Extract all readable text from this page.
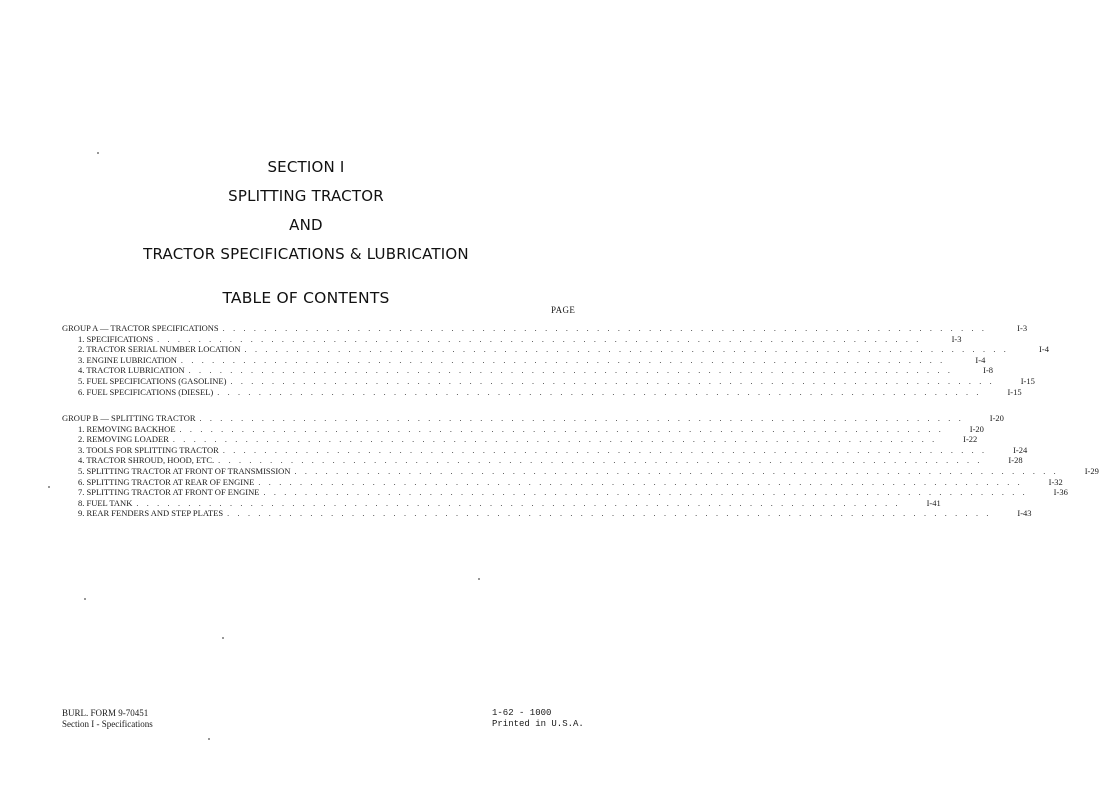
SECTION I
SPLITTING TRACTOR
AND
TRACTOR SPECIFICATIONS & LUBRICATION
TABLE OF CONTENTS
PAGE
GROUP A — TRACTOR SPECIFICATIONS . . . . . . . . . . . . . . . . . . . . . . . . . . . . . . . . . . . . . . . . . . . . . . . . . . . . . . . . . . . . . . . . . . . . . . . . . .	I-3
1. SPECIFICATIONS . . . . . . . . . . . . . . . . . . . . . . . . . . . . . . . . . . . . . . . . . . . . . . . . . . . . . . . . . . . . . . . . . . . . . . . . . .	I-3
2. TRACTOR SERIAL NUMBER LOCATION . . . . . . . . . . . . . . . . . . . . . . . . . . . . . . . . . . . . . . . . . . . . . . . . . . . . . . . . . . . . . . . . . . . . . . . . . .	I-4
3. ENGINE LUBRICATION . . . . . . . . . . . . . . . . . . . . . . . . . . . . . . . . . . . . . . . . . . . . . . . . . . . . . . . . . . . . . . . . . . . . . . . . . .	I-4
4. TRACTOR LUBRICATION . . . . . . . . . . . . . . . . . . . . . . . . . . . . . . . . . . . . . . . . . . . . . . . . . . . . . . . . . . . . . . . . . . . . . . . . . .	I-8
5. FUEL SPECIFICATIONS (GASOLINE) . . . . . . . . . . . . . . . . . . . . . . . . . . . . . . . . . . . . . . . . . . . . . . . . . . . . . . . . . . . . . . . . . . . . . . . . . .	I-15
6. FUEL SPECIFICATIONS (DIESEL) . . . . . . . . . . . . . . . . . . . . . . . . . . . . . . . . . . . . . . . . . . . . . . . . . . . . . . . . . . . . . . . . . . . . . . . . . .	I-15
GROUP B — SPLITTING TRACTOR . . . . . . . . . . . . . . . . . . . . . . . . . . . . . . . . . . . . . . . . . . . . . . . . . . . . . . . . . . . . . . . . . . . . . . . . . .	I-20
1. REMOVING BACKHOE . . . . . . . . . . . . . . . . . . . . . . . . . . . . . . . . . . . . . . . . . . . . . . . . . . . . . . . . . . . . . . . . . . . . . . . . . .	I-20
2. REMOVING LOADER . . . . . . . . . . . . . . . . . . . . . . . . . . . . . . . . . . . . . . . . . . . . . . . . . . . . . . . . . . . . . . . . . . . . . . . . . .	I-22
3. TOOLS FOR SPLITTING TRACTOR . . . . . . . . . . . . . . . . . . . . . . . . . . . . . . . . . . . . . . . . . . . . . . . . . . . . . . . . . . . . . . . . . . . . . . . . . .	I-24
4. TRACTOR SHROUD, HOOD, ETC. . . . . . . . . . . . . . . . . . . . . . . . . . . . . . . . . . . . . . . . . . . . . . . . . . . . . . . . . . . . . . . . . . . . . . . . . . .	I-28
5. SPLITTING TRACTOR AT FRONT OF TRANSMISSION . . . . . . . . . . . . . . . . . . . . . . . . . . . . . . . . . . . . . . . . . . . . . . . . . . . . . . . . . . . . . . . . . . . . . . . . . .	I-29
6. SPLITTING TRACTOR AT REAR OF ENGINE . . . . . . . . . . . . . . . . . . . . . . . . . . . . . . . . . . . . . . . . . . . . . . . . . . . . . . . . . . . . . . . . . . . . . . . . . .	I-32
7. SPLITTING TRACTOR AT FRONT OF ENGINE . . . . . . . . . . . . . . . . . . . . . . . . . . . . . . . . . . . . . . . . . . . . . . . . . . . . . . . . . . . . . . . . . . . . . . . . . .	I-36
8. FUEL TANK . . . . . . . . . . . . . . . . . . . . . . . . . . . . . . . . . . . . . . . . . . . . . . . . . . . . . . . . . . . . . . . . . . . . . . . . . .	I-41
9. REAR FENDERS AND STEP PLATES . . . . . . . . . . . . . . . . . . . . . . . . . . . . . . . . . . . . . . . . . . . . . . . . . . . . . . . . . . . . . . . . . . . . . . . . . .	I-43
BURL. FORM 9-70451
Section I - Specifications
1-62 - 1000
Printed in U.S.A.
